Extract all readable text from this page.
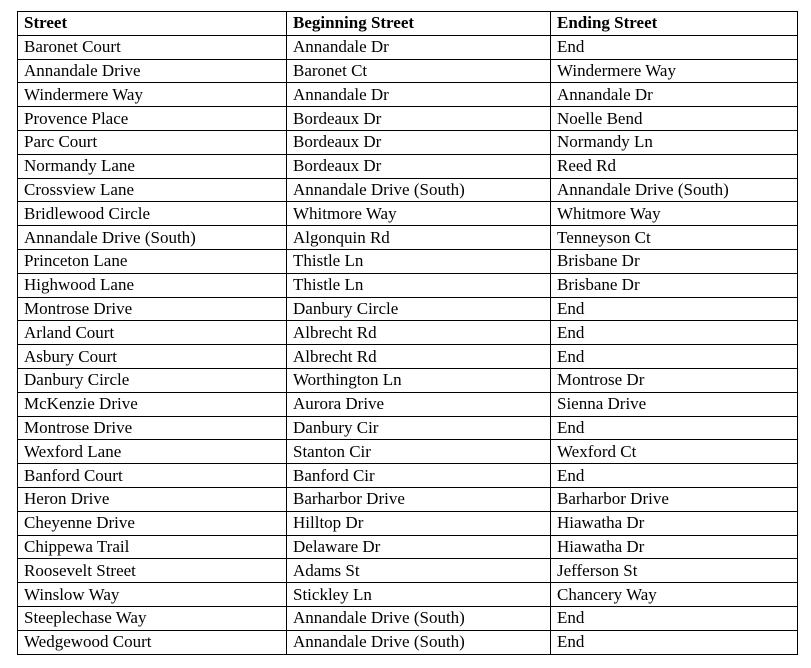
Street	Beginning Street	Ending Street
Baronet Court	Annandale Dr	End
Annandale Drive	Baronet Ct	Windermere Way
Windermere Way	Annandale Dr	Annandale Dr
Provence Place	Bordeaux Dr	Noelle Bend
Parc Court	Bordeaux Dr	Normandy Ln
Normandy Lane	Bordeaux Dr	Reed Rd
Crossview Lane	Annandale Drive (South)	Annandale Drive (South)
Bridlewood Circle	Whitmore Way	Whitmore Way
Annandale Drive (South)	Algonquin Rd	Tenneyson Ct
Princeton Lane	Thistle Ln	Brisbane Dr
Highwood Lane	Thistle Ln	Brisbane Dr
Montrose Drive	Danbury Circle	End
Arland Court	Albrecht Rd	End
Asbury Court	Albrecht Rd	End
Danbury Circle	Worthington Ln	Montrose Dr
McKenzie Drive	Aurora Drive	Sienna Drive
Montrose Drive	Danbury Cir	End
Wexford Lane	Stanton Cir	Wexford Ct
Banford Court	Banford Cir	End
Heron Drive	Barharbor Drive	Barharbor Drive
Cheyenne Drive	Hilltop Dr	Hiawatha Dr
Chippewa Trail	Delaware Dr	Hiawatha Dr
Roosevelt Street	Adams St	Jefferson St
Winslow Way	Stickley Ln	Chancery Way
Steeplechase Way	Annandale Drive (South)	End
Wedgewood Court	Annandale Drive (South)	End
